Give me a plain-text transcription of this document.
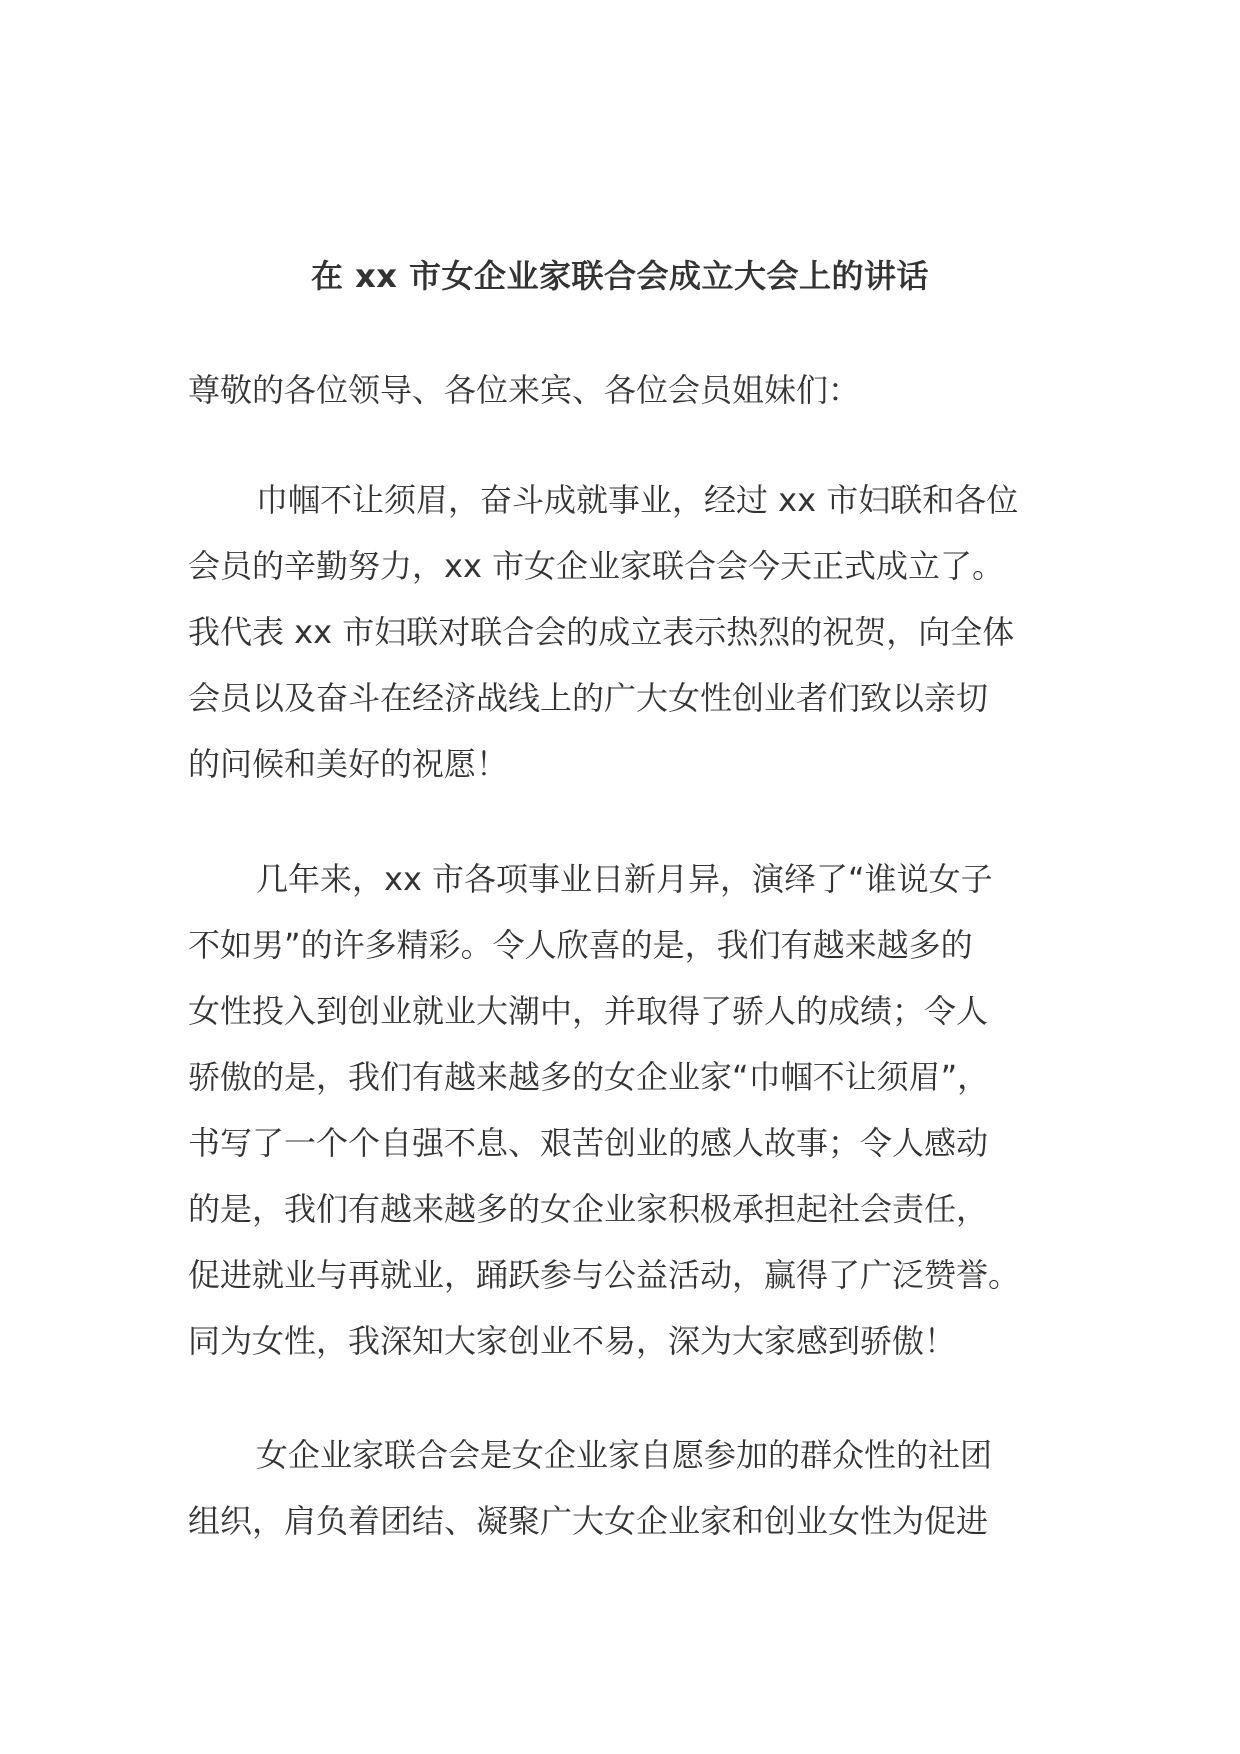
在 xx 市女企业家联合会成立大会上的讲话
尊敬的各位领导、各位来宾、各位会员姐妹们：
巾帼不让须眉，奋斗成就事业，经过 xx 市妇联和各位
会员的辛勤努力，xx 市女企业家联合会今天正式成立了。
我代表 xx 市妇联对联合会的成立表示热烈的祝贺，向全体
会员以及奋斗在经济战线上的广大女性创业者们致以亲切
的问候和美好的祝愿！
几年来，xx 市各项事业日新月异，演绎了“谁说女子
不如男”的许多精彩。令人欣喜的是，我们有越来越多的
女性投入到创业就业大潮中，并取得了骄人的成绩；令人
骄傲的是，我们有越来越多的女企业家“巾帼不让须眉”，
书写了一个个自强不息、艰苦创业的感人故事；令人感动
的是，我们有越来越多的女企业家积极承担起社会责任，
促进就业与再就业，踊跃参与公益活动，赢得了广泛赞誉。
同为女性，我深知大家创业不易，深为大家感到骄傲！
女企业家联合会是女企业家自愿参加的群众性的社团
组织，肩负着团结、凝聚广大女企业家和创业女性为促进
